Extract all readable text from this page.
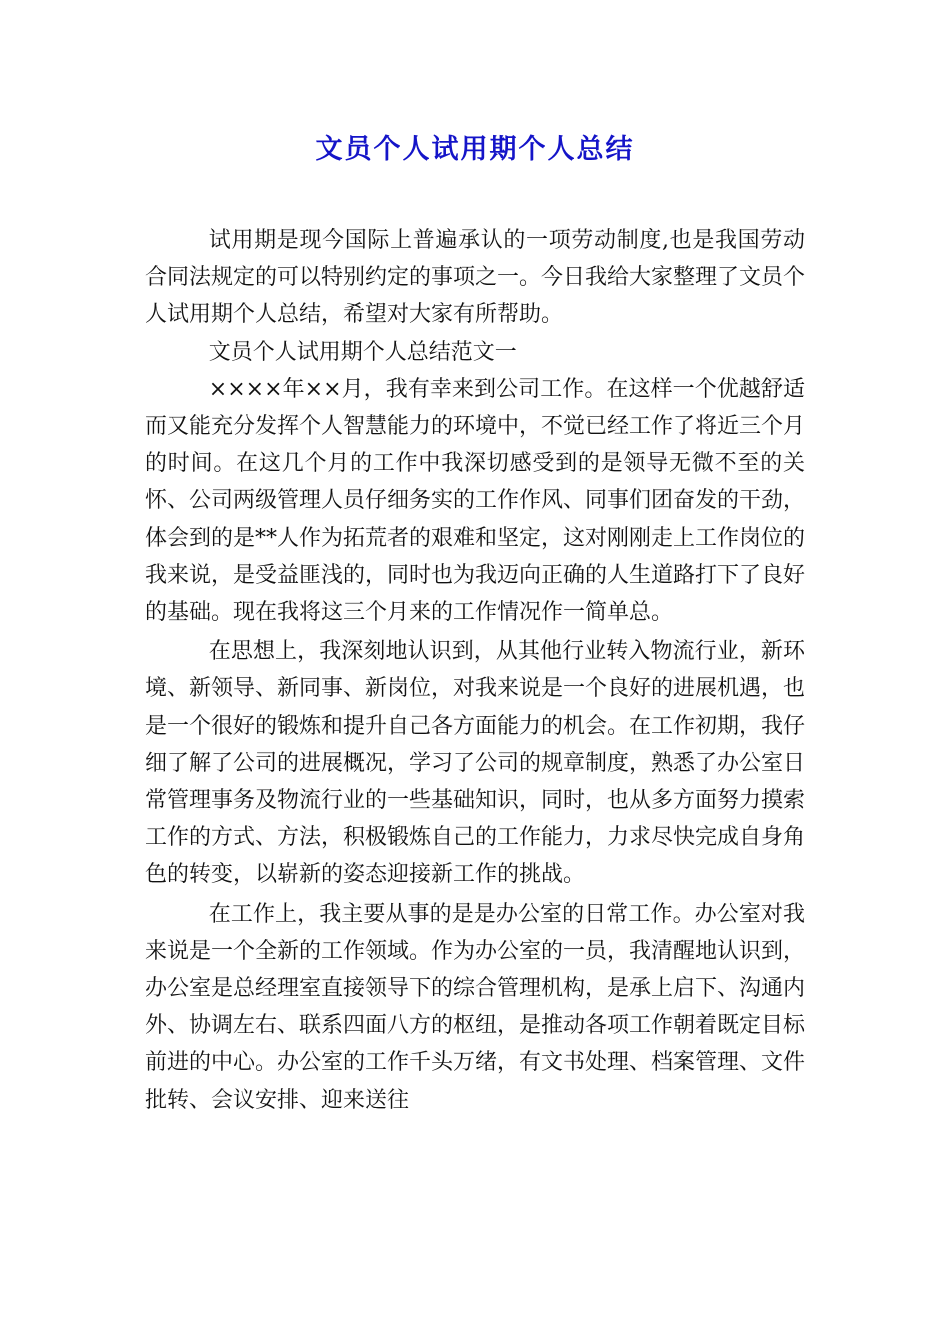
文员个人试用期个人总结

试用期是现今国际上普遍承认的一项劳动制度,也是我国劳动合同法规定的可以特别约定的事项之一。今日我给大家整理了文员个人试用期个人总结，希望对大家有所帮助。

文员个人试用期个人总结范文一

××××年××月，我有幸来到公司工作。在这样一个优越舒适而又能充分发挥个人智慧能力的环境中，不觉已经工作了将近三个月的时间。在这几个月的工作中我深切感受到的是领导无微不至的关怀、公司两级管理人员仔细务实的工作作风、同事们团奋发的干劲，体会到的是**人作为拓荒者的艰难和坚定，这对刚刚走上工作岗位的我来说，是受益匪浅的，同时也为我迈向正确的人生道路打下了良好的基础。现在我将这三个月来的工作情况作一简单总。

在思想上，我深刻地认识到，从其他行业转入物流行业，新环境、新领导、新同事、新岗位，对我来说是一个良好的进展机遇，也是一个很好的锻炼和提升自己各方面能力的机会。在工作初期，我仔细了解了公司的进展概况，学习了公司的规章制度，熟悉了办公室日常管理事务及物流行业的一些基础知识，同时，也从多方面努力摸索工作的方式、方法，积极锻炼自己的工作能力，力求尽快完成自身角色的转变，以崭新的姿态迎接新工作的挑战。

在工作上，我主要从事的是是办公室的日常工作。办公室对我来说是一个全新的工作领域。作为办公室的一员，我清醒地认识到，办公室是总经理室直接领导下的综合管理机构，是承上启下、沟通内外、协调左右、联系四面八方的枢纽，是推动各项工作朝着既定目标前进的中心。办公室的工作千头万绪，有文书处理、档案管理、文件批转、会议安排、迎来送往
